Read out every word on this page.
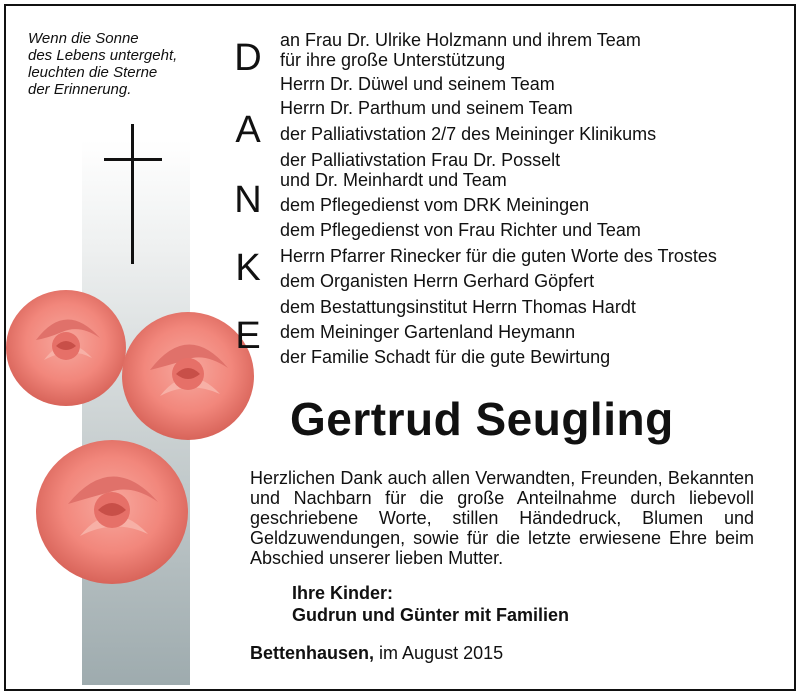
Wenn die Sonne
des Lebens untergeht,
leuchten die Sterne
der Erinnerung.
D
A
N
K
E
an Frau Dr. Ulrike Holzmann und ihrem Team
für ihre große Unterstützung
Herrn Dr. Düwel und seinem Team
Herrn Dr. Parthum und seinem Team
der Palliativstation 2/7 des Meininger Klinikums
der Palliativstation Frau Dr. Posselt
und Dr. Meinhardt und Team
dem Pflegedienst vom DRK Meiningen
dem Pflegedienst von Frau Richter und Team
Herrn Pfarrer Rinecker für die guten Worte des Trostes
dem Organisten Herrn Gerhard Göpfert
dem Bestattungsinstitut Herrn Thomas Hardt
dem Meininger Gartenland Heymann
der Familie Schadt für die gute Bewirtung
Gertrud Seugling
Herzlichen Dank auch allen Verwandten, Freunden, Bekannten und Nachbarn für die große Anteilnahme durch liebevoll geschriebene Worte, stillen Händedruck, Blumen und Geldzuwendungen, sowie für die letzte erwiesene Ehre beim Abschied unserer lieben Mutter.
Ihre Kinder:
Gudrun und Günter mit Familien
Bettenhausen, im August 2015
